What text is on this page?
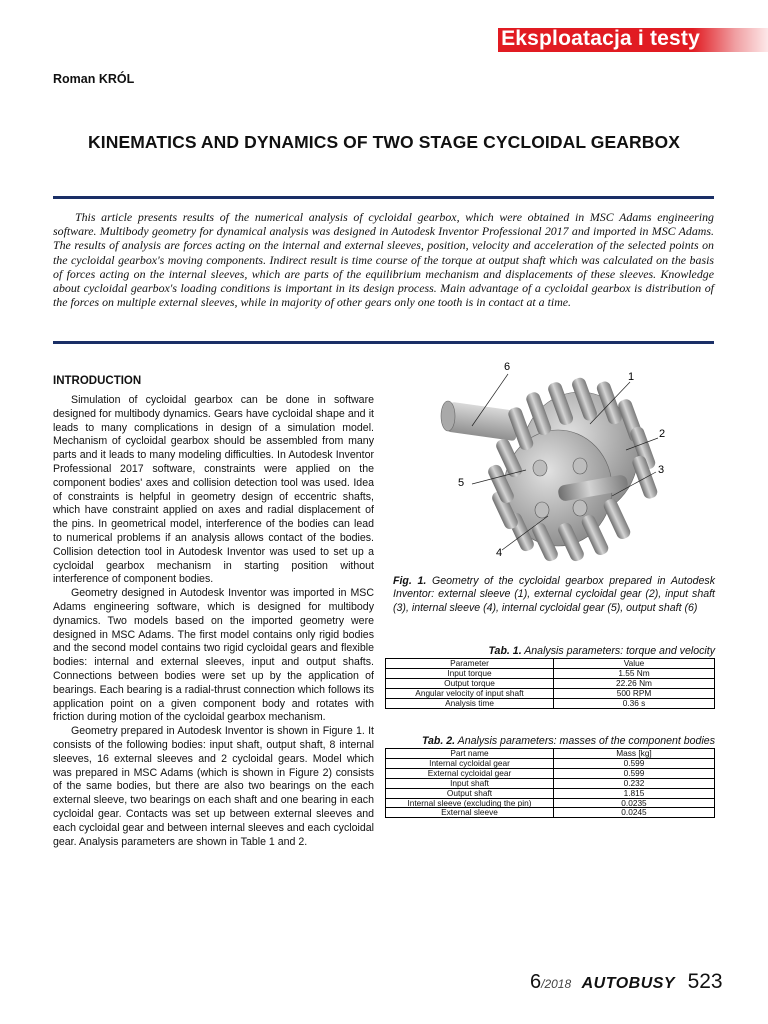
Eksploatacja i testy
Roman KRÓL
KINEMATICS AND DYNAMICS OF TWO STAGE CYCLOIDAL GEARBOX

This article presents results of the numerical analysis of cycloidal gearbox, which were obtained in MSC Adams engineering software. Multibody geometry for dynamical analysis was designed in Autodesk Inventor Professional 2017 and imported in MSC Adams. The results of analysis are forces acting on the internal and external sleeves, position, velocity and acceleration of the selected points on the cycloidal gearbox's moving components. Indirect result is time course of the torque at output shaft which was calculated on the basis of forces acting on the internal sleeves, which are parts of the equilibrium mechanism and displacements of these sleeves. Knowledge about cycloidal gearbox's loading conditions is important in its design process. Main advantage of a cycloidal gearbox is distribution of the forces on multiple external sleeves, while in majority of other gears only one tooth is in contact at a time.

INTRODUCTION

Simulation of cycloidal gearbox can be done in software designed for multibody dynamics. Gears have cycloidal shape and it leads to many complications in design of a simulation model. Mechanism of cycloidal gearbox should be assembled from many parts and it leads to many modeling difficulties. In Autodesk Inventor Professional 2017 software, constraints were applied on the component bodies' axes and collision detection tool was used. Idea of constraints is helpful in geometry design of eccentric shafts, which have constraint applied on axes and radial displacement of the pins. In geometrical model, interference of the bodies can lead to numerical problems if an analysis allows contact of the bodies. Collision detection tool in Autodesk Inventor was used to set up a cycloidal gearbox mechanism in starting position without interference of component bodies.

Geometry designed in Autodesk Inventor was imported in MSC Adams engineering software, which is designed for multibody dynamics. Two models based on the imported geometry were designed in MSC Adams. The first model contains only rigid bodies and the second model contains two rigid cycloidal gears and flexible bodies: internal and external sleeves, input and output shafts. Connections between bodies were set up by the application of bearings. Each bearing is a radial-thrust connection which follows its application point on a given component body and rotates with friction during motion of the cycloidal gearbox mechanism.

Geometry prepared in Autodesk Inventor is shown in Figure 1. It consists of the following bodies: input shaft, output shaft, 8 internal sleeves, 16 external sleeves and 2 cycloidal gears. Model which was prepared in MSC Adams (which is shown in Figure 2) consists of the same bodies, but there are also two bearings on the each external sleeve, two bearings on each shaft and one bearing in each cycloidal gear. Contacts was set up between external sleeves and each cycloidal gear and between internal sleeves and each cycloidal gear. Analysis parameters are shown in Table 1 and 2.

6
1
2
3
5
4
Fig. 1. Geometry of the cycloidal gearbox prepared in Autodesk Inventor: external sleeve (1), external cycloidal gear (2), input shaft (3), internal sleeve (4), internal cycloidal gear (5), output shaft (6)
Tab. 1. Analysis parameters: torque and velocity
Parameter	Value
Input torque	1.55 Nm
Output torque	22.26 Nm
Angular velocity of input shaft	500 RPM
Analysis time	0.36 s
Tab. 2. Analysis parameters: masses of the component bodies
Part name	Mass [kg]
Internal cycloidal gear	0.599
External cycloidal gear	0.599
Input shaft	0.232
Output shaft	1.815
Internal sleeve (excluding the pin)	0.0235
External sleeve	0.0245
6/2018 AUTOBUSY 523
